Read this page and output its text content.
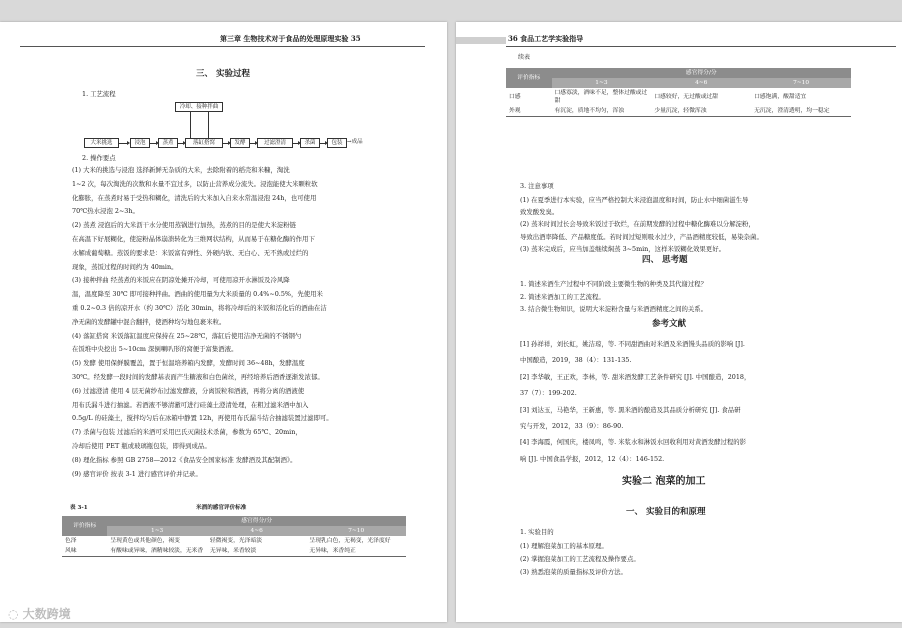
第三章 生物技术对于食品的处理原理实验 35
三、 实验过程
1. 工艺流程
冷却、接种拌曲
大米挑选	浸泡	蒸煮	落缸搭窝	发酵	过滤澄清	杀菌	包装 →成品
2. 操作要点
表 3-1	米酒的感官评价标准
评价指标	感官得分/分		
	1~3	4~6	7~10
色泽	呈现黄色或其他颜色，褐变	轻微褐变，光泽暗淡	呈现乳白色，无褐变，光泽度好
风味	有酸味或异味，酒精味较淡，无米香	无异味，米香较淡	无异味，米香纯正
(1) 大米的挑选与浸泡 选择新鲜无杂质的大米，去除附着的稻壳和米糠，淘洗
1~2 次，每次淘洗的次数和水量不宜过多，以防止营养成分流失。浸泡能使大米颗粒软
化膨胀，在蒸煮时易于受热和糊化，清洗后的大米加入自来水常温浸泡 24h，也可使用
70℃热水浸泡 2~3h。
(2) 蒸煮 浸泡后的大米沥干水分使用蒸锅进行加热，蒸煮的目的是使大米淀粉链
在高温下好展糊化，使淀粉晶体崩溃转化为三维网状结构，从而易于在糖化酶的作用下
水解成葡萄糖。蒸饭的要求是：米饭富有弹性、外硬内软、无白心、无不熟或过烂的
现象，蒸饭过程的时间约为 40min。
(3) 接种拌曲 经蒸煮的米饭应在阴凉处摊开冷却，可使用凉开水淋饭及冷风降
温，温度降至 30℃ 即可接种拌曲。酒曲的使用量为大米质量的 0.4%~0.5%，先使用米
重 0.2~0.3 倍的凉开水（约 30℃）活化 30min，将将冷却后的米饭和活化后的酒曲在洁
净无菌的发酵罐中混合翻拌，使酒种均匀地包裹米粒。
(4) 落缸搭窝 米饭落缸温度应保持在 25~28℃，落缸后使用洁净无菌的不锈钢勺
在饭堆中央挖出 5~10cm 深倒喇叭形的窝便于富集酒液。
(5) 发酵 使用保鲜膜覆盖，置于恒温培养箱内发酵，发酵时间 36~48h，发酵温度
30℃。经发酵一段时间的发酵基表面产生糖液和白色菌丝，再经培养后酒香逐渐发浓郁。
(6) 过滤澄清 使用 4 层无菌纱布过滤发酵液，分离饭粒和酒液，再将分离的酒液使
用布氏漏斗进行抽滤。若酒液不够清澈可进行硅藻土澄清处理，在粗过滤米酒中加入
0.5g/L 的硅藻土，搅拌均匀后在冰箱中静置 12h，再使用布氏漏斗结合抽滤装置过滤即可。
(7) 杀菌与包装 过滤后的米酒可采用巴氏灭菌技术杀菌，参数为 65℃、20min，
冷却后使用 PET 瓶或玻璃瓶包装，即得到成品。
(8) 理化指标 参照 GB 2758—2012《食品安全国家标准 发酵酒及其配制酒》。
(9) 感官评价 按表 3-1 进行感官评价并记录。
36 食品工艺学实验指导
续表
评价指标	感官得分/分		
	1~3	4~6	7~10
口感	口感寡淡，酒味不足，整体过酸或过甜	口感较好，无过酸或过甜	口感饱满，酸甜适宜
外观	有沉淀，质地不均匀，浑浊	少量沉淀，轻微浑浊	无沉淀，澄清透明，均一稳定
3. 注意事项
四、 思考题
参考文献
实验二 泡菜的加工
一、 实验目的和原理
1. 实验目的
(1) 在夏季进行本实验，应当严格控制大米浸泡温度和时间，防止水中细菌滋生导
致发酸发臭。
(2) 蒸米时间过长会导致米饭过于软烂，在前期发酵的过程中糖化酶难以分解淀粉，
导致出酒率降低、产品糖度低。若时间过短则吸水过少，产品酒精度较低，易染杂菌。
(3) 蒸米完成后，应当加盖继续焖蒸 3~5min，这样米饭糊化效果更好。
1. 简述米酒生产过程中不同阶段主要微生物的种类及其代谢过程？
2. 简述米酒加工的工艺流程。
3. 结合微生物知识，说明大米淀粉含量与米酒酒精度之间的关系。
[1] 孙祥祥，刘长虹，姚洁琼，等. 不同甜酒曲对米酒及米酒馒头品质的影响 [J].
中国酿造，2019，38（4）：131-135.
[2] 李华敏，王正欢，李林，等. 甜米酒发酵工艺条件研究 [J]. 中国酿造，2018，
37（7）：199-202.
[3] 刘达玉，马艳华，王新惠，等. 黑米酒的酿造及其品质分析研究 [J]. 食品研
究与开发，2012，33（9）：86-90.
[4] 李海霞，何国庆，楼凤鸣，等. 米浆水和淋饭水回收利用对黄酒发酵过程的影
响 [J]. 中国食品学报，2012，12（4）：146-152.
(1) 理解泡菜加工的基本原理。
(2) 掌握泡菜加工的工艺流程及操作要点。
(3) 熟悉泡菜的质量指标及评价方法。
◌ 大数跨境
